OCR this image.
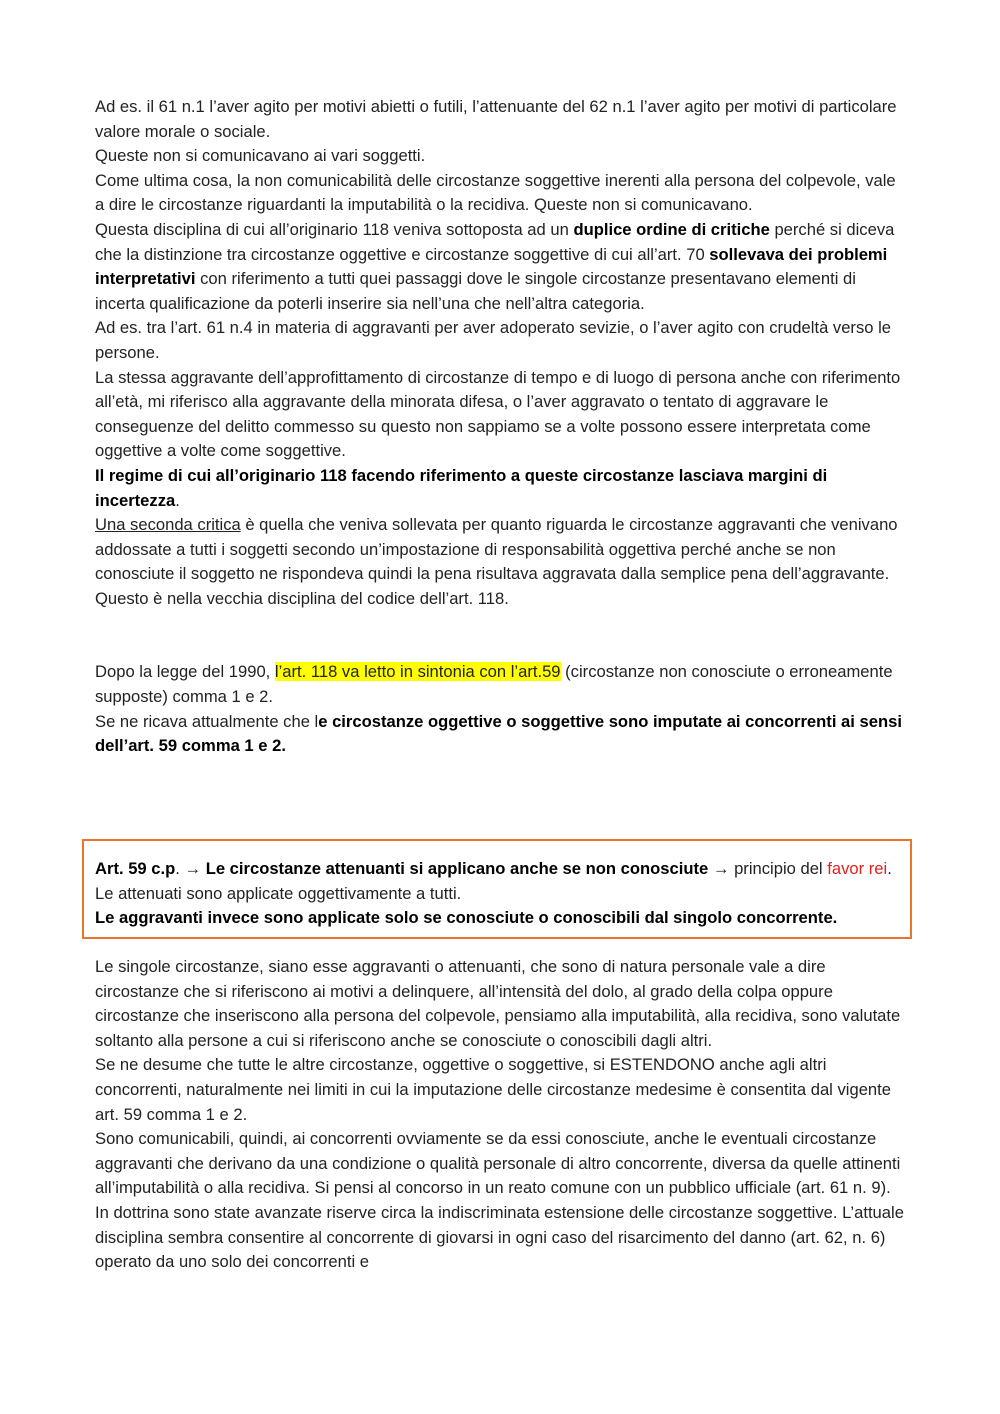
Ad es. il 61 n.1 l’aver agito per motivi abietti o futili, l’attenuante del 62 n.1 l’aver agito per motivi di particolare valore morale o sociale.

Queste non si comunicavano ai vari soggetti.

Come ultima cosa, la non comunicabilità delle circostanze soggettive inerenti alla persona del colpevole, vale a dire le circostanze riguardanti la imputabilità o la recidiva. Queste non si comunicavano.

Questa disciplina di cui all’originario 118 veniva sottoposta ad un duplice ordine di critiche perché si diceva che la distinzione tra circostanze oggettive e circostanze soggettive di cui all’art. 70 sollevava dei problemi interpretativi con riferimento a tutti quei passaggi dove le singole circostanze presentavano elementi di incerta qualificazione da poterli inserire sia nell’una che nell’altra categoria.

Ad es. tra l’art. 61 n.4 in materia di aggravanti per aver adoperato sevizie, o l’aver agito con crudeltà verso le persone.

La stessa aggravante dell’approfittamento di circostanze di tempo e di luogo di persona anche con riferimento all’età, mi riferisco alla aggravante della minorata difesa, o l’aver aggravato o tentato di aggravare le conseguenze del delitto commesso su questo non sappiamo se a volte possono essere interpretata come oggettive a volte come soggettive.

Il regime di cui all’originario 118 facendo riferimento a queste circostanze lasciava margini di incertezza.

Una seconda critica è quella che veniva sollevata per quanto riguarda le circostanze aggravanti che venivano addossate a tutti i soggetti secondo un’impostazione di responsabilità oggettiva perché anche se non conosciute il soggetto ne rispondeva quindi la pena risultava aggravata dalla semplice pena dell’aggravante.

Questo è nella vecchia disciplina del codice dell’art. 118.

Dopo la legge del 1990, l’art. 118 va letto in sintonia con l’art.59 (circostanze non conosciute o erroneamente supposte) comma 1 e 2.

Se ne ricava attualmente che le circostanze oggettive o soggettive sono imputate ai concorrenti ai sensi dell’art. 59 comma 1 e 2.

Art. 59 c.p. → Le circostanze attenuanti si applicano anche se non conosciute → principio del favor rei. Le attenuati sono applicate oggettivamente a tutti.

Le aggravanti invece sono applicate solo se conosciute o conoscibili dal singolo concorrente.

Le singole circostanze, siano esse aggravanti o attenuanti, che sono di natura personale vale a dire circostanze che si riferiscono ai motivi a delinquere, all’intensità del dolo, al grado della colpa oppure circostanze che inseriscono alla persona del colpevole, pensiamo alla imputabilità, alla recidiva, sono valutate soltanto alla persone a cui si riferiscono anche se conosciute o conoscibili dagli altri.

Se ne desume che tutte le altre circostanze, oggettive o soggettive, si ESTENDONO anche agli altri concorrenti, naturalmente nei limiti in cui la imputazione delle circostanze medesime è consentita dal vigente art. 59 comma 1 e 2.

Sono comunicabili, quindi, ai concorrenti ovviamente se da essi conosciute, anche le eventuali circostanze aggravanti che derivano da una condizione o qualità personale di altro concorrente, diversa da quelle attinenti all’imputabilità o alla recidiva. Si pensi al concorso in un reato comune con un pubblico ufficiale (art. 61 n. 9). In dottrina sono state avanzate riserve circa la indiscriminata estensione delle circostanze soggettive. L’attuale disciplina sembra consentire al concorrente di giovarsi in ogni caso del risarcimento del danno (art. 62, n. 6) operato da uno solo dei concorrenti e
